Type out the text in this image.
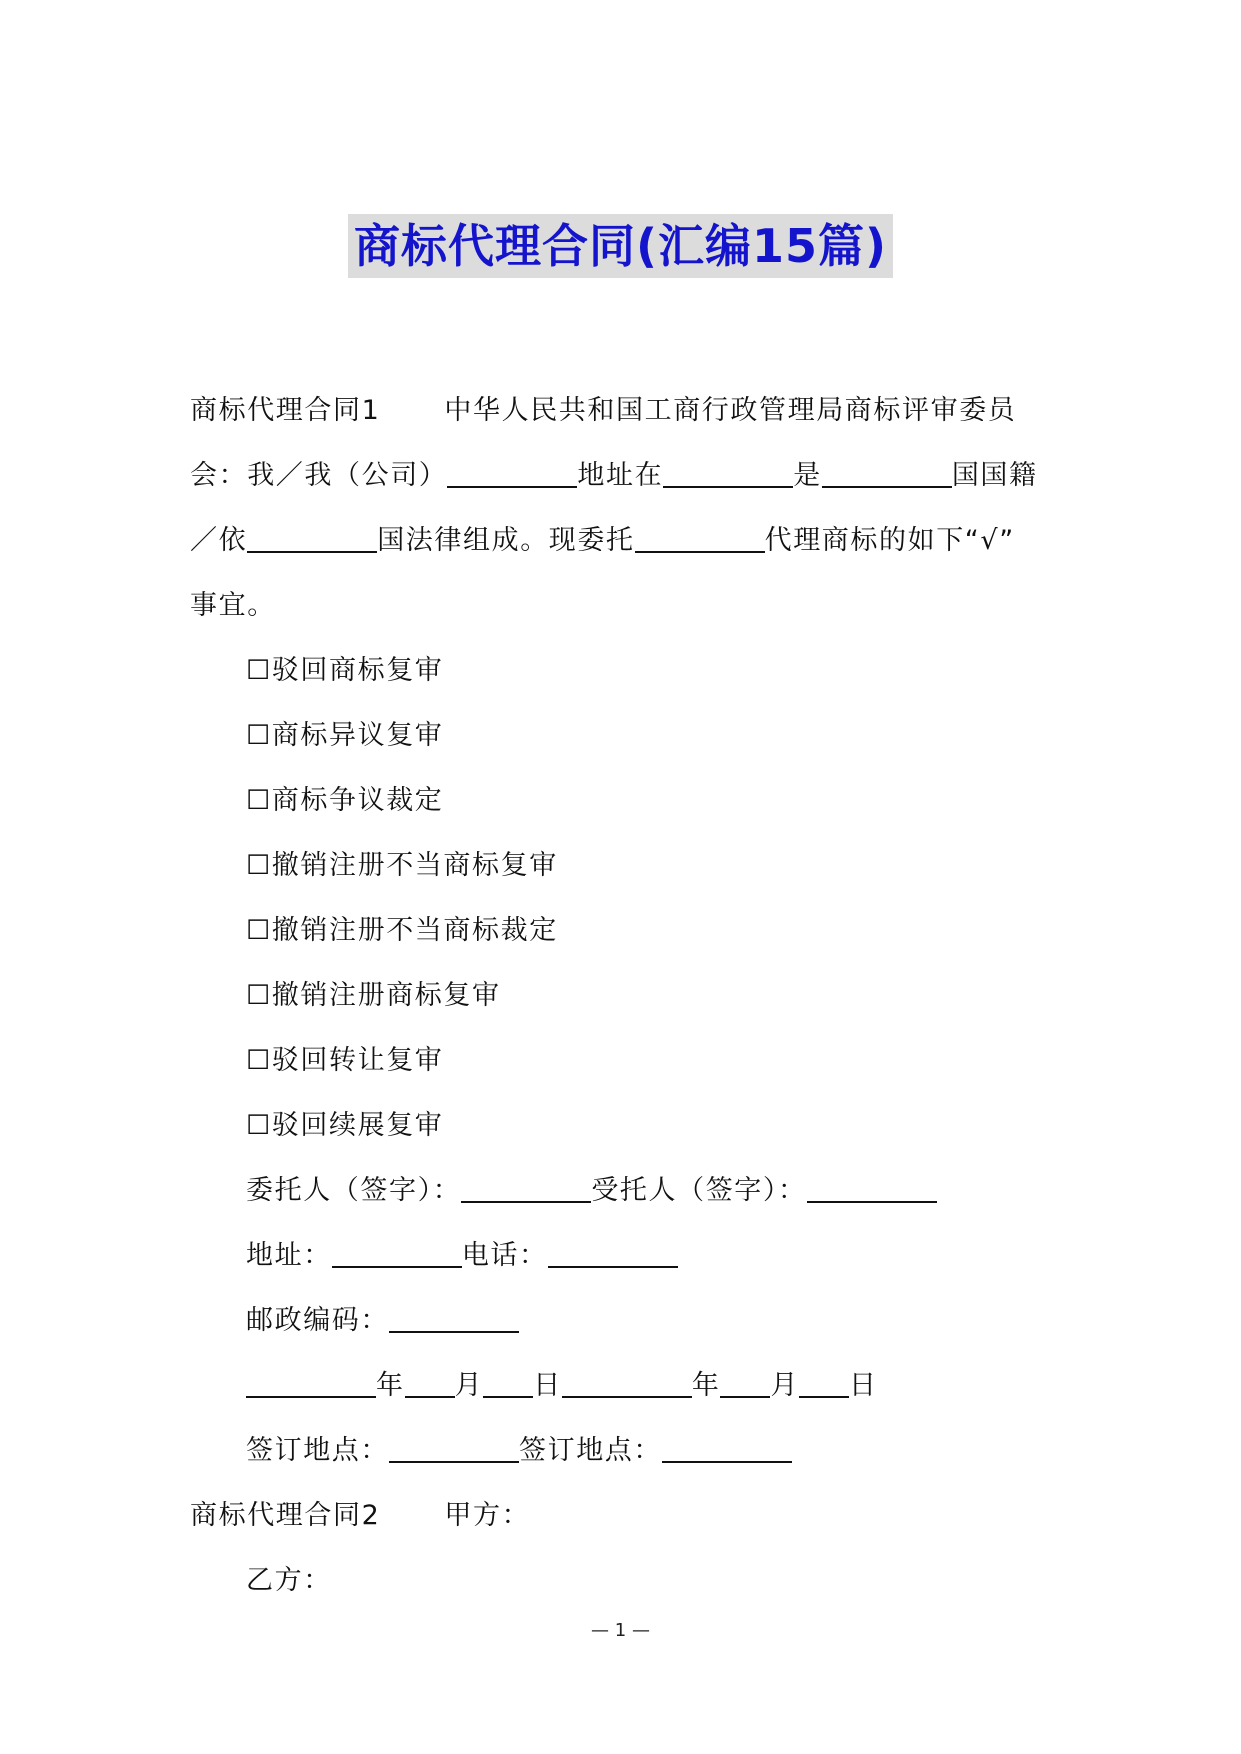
商标代理合同(汇编15篇)
商标代理合同1 中华人民共和国工商行政管理局商标评审委员
会：我／我（公司）	地址在	是	国国籍
／依	国法律组成。现委托	代理商标的如下“√”
事宜。
☐驳回商标复审
☐商标异议复审
☐商标争议裁定
☐撤销注册不当商标复审
☐撤销注册不当商标裁定
☐撤销注册商标复审
☐驳回转让复审
☐驳回续展复审
委托人（签字）：	受托人（签字）：
地址：	电话：
邮政编码：
年 月 日	年 月 日
签订地点：	签订地点：
商标代理合同2 甲方：
乙方：
— 1 —
